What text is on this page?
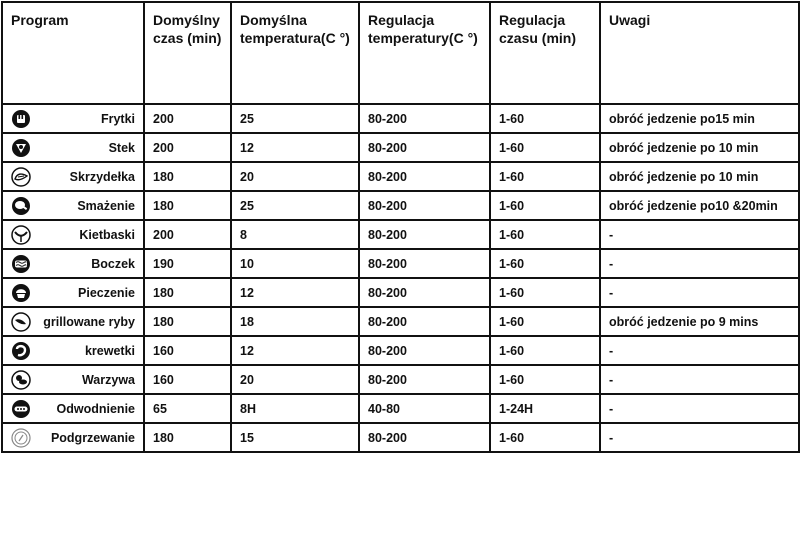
Program	Domyślny czas (min)	Domyślna temperatura(C °)	Regulacja temperatury(C °)	Regulacja czasu (min)	Uwagi

Frytki	200	25	80-200	1-60	obróć jedzenie po15 min

Stek	200	12	80-200	1-60	obróć jedzenie po 10 min

Skrzydełka	180	20	80-200	1-60	obróć jedzenie po 10 min

Smażenie	180	25	80-200	1-60	obróć jedzenie po10 &20min

Kietbaski	200	8	80-200	1-60	-

Boczek	190	10	80-200	1-60	-

Pieczenie	180	12	80-200	1-60	-

grillowane ryby	180	18	80-200	1-60	obróć jedzenie po 9 mins

krewetki	160	12	80-200	1-60	-

Warzywa	160	20	80-200	1-60	-

Odwodnienie	65	8H	40-80	1-24H	-

Podgrzewanie	180	15	80-200	1-60	-
